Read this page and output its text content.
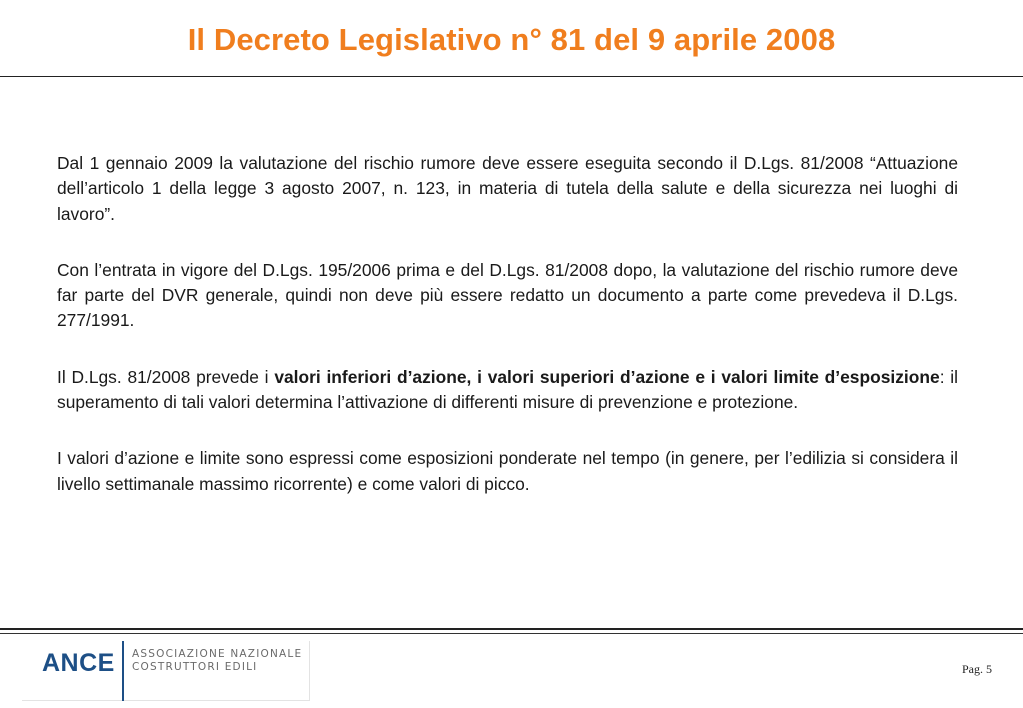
Il Decreto Legislativo n° 81 del 9 aprile 2008

Dal 1 gennaio 2009 la valutazione del rischio rumore deve essere eseguita secondo il D.Lgs. 81/2008 “Attuazione dell’articolo 1 della legge 3 agosto 2007, n. 123, in materia di tutela della salute e della sicurezza nei luoghi di lavoro”.

Con l’entrata in vigore del D.Lgs. 195/2006 prima e del D.Lgs. 81/2008 dopo, la valutazione del rischio rumore deve far parte del DVR generale, quindi non deve più essere redatto un documento a parte come prevedeva il D.Lgs. 277/1991.

Il D.Lgs. 81/2008 prevede i valori inferiori d’azione, i valori superiori d’azione e i valori limite d’esposizione: il superamento di tali valori determina l’attivazione di differenti misure di prevenzione e protezione.

I valori d’azione e limite sono espressi come esposizioni ponderate nel tempo (in genere, per l’edilizia si considera il livello settimanale massimo ricorrente) e come valori di picco.

ANCE ASSOCIAZIONE NAZIONALE
COSTRUTTORI EDILI	Pag. 5
